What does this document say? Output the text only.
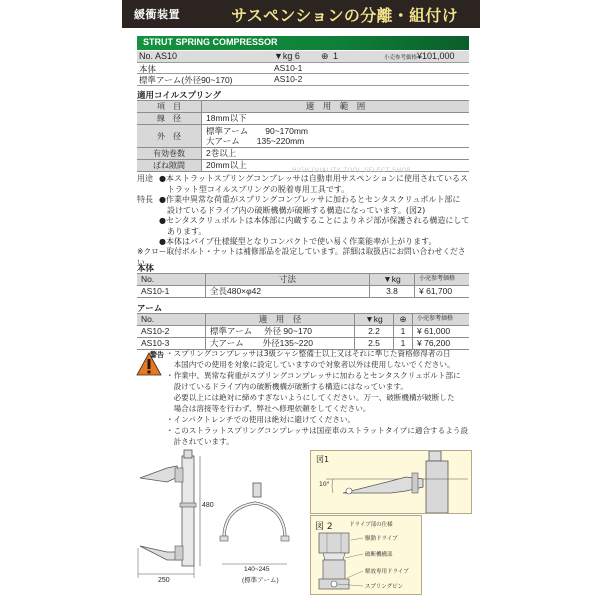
緩衝装置	サスペンションの分離・組付け
STRUT SPRING COMPRESSOR
No. AS10	▼kg 6 ⊕ 1	小売参考価格 ¥101,000
本体	AS10-1
標準アーム(外径90~170)	AS10-2
適用コイルスプリング
項　目	適　用　範　囲
線　径	18mm以下
外　径	標準アーム　　90~170mm
大アーム　　135~220mm

有効巻数	2巻以上
ばね隙間	20mm以上
HIGH QUALITY TOOL SELECT SHOP
用途 ●本ストラットスプリングコンプレッサは自動車用サスペンションに使用されているス
　トラット型コイルスプリングの脱着専用工具です。
特長 ●作業中異常な荷重がスプリングコンプレッサに加わるとセンタスクリュボルト部に
　設けているドライブ内の破断機構が破断する構造になっています。(図2)
●センタスクリュボルトは本体部に内蔵することによりネジ部が保護される構造にして
　あります。
●本体はパイプ仕様縦型となりコンパクトで使い易く作業能率が上がります。
※クロー取付ボルト・ナットは補修部品を設定しています。詳細は取扱店にお問い合わせください。
本体
No.	寸法	▼kg	小売参考価格
AS10-1	全長480×φ42	3.8	¥ 61,700
アーム
No.	適　用　径	▼kg	⊕	小売参考価格
AS10-2	標準アーム 外径 90~170	2.2	1	¥ 61,000
AS10-3	大アーム 外径135~220	2.5	1	¥ 76,200
警告 ・スプリングコンプレッサは3級シャシ整備士以上又はそれに準じた資格修得者の日
　本国内での使用を対象に設定していますので対象者以外は使用しないでください。
・作業中、異常な荷重がスプリングコンプレッサに加わるとセンタスクリュボルト部に
　設けているドライブ内の破断機構が破断する構造にはなっています。
　必要以上には絶対に締めすぎないようにしてください。万一、破断機構が破断した
　場合は溶接等を行わず、弊社へ修理依頼をしてください。
・インパクトレンチでの使用は絶対に避けてください。
・このストラットスプリングコンプレッサは国産車のストラットタイプに適合するよう設
　計されています。
480
250
140~245
(標準アーム)
図1
10°
図 2	ドライブ部の仕様
駆動ドライブ
破断機構部
解放専用ドライブ
スプリングピン
